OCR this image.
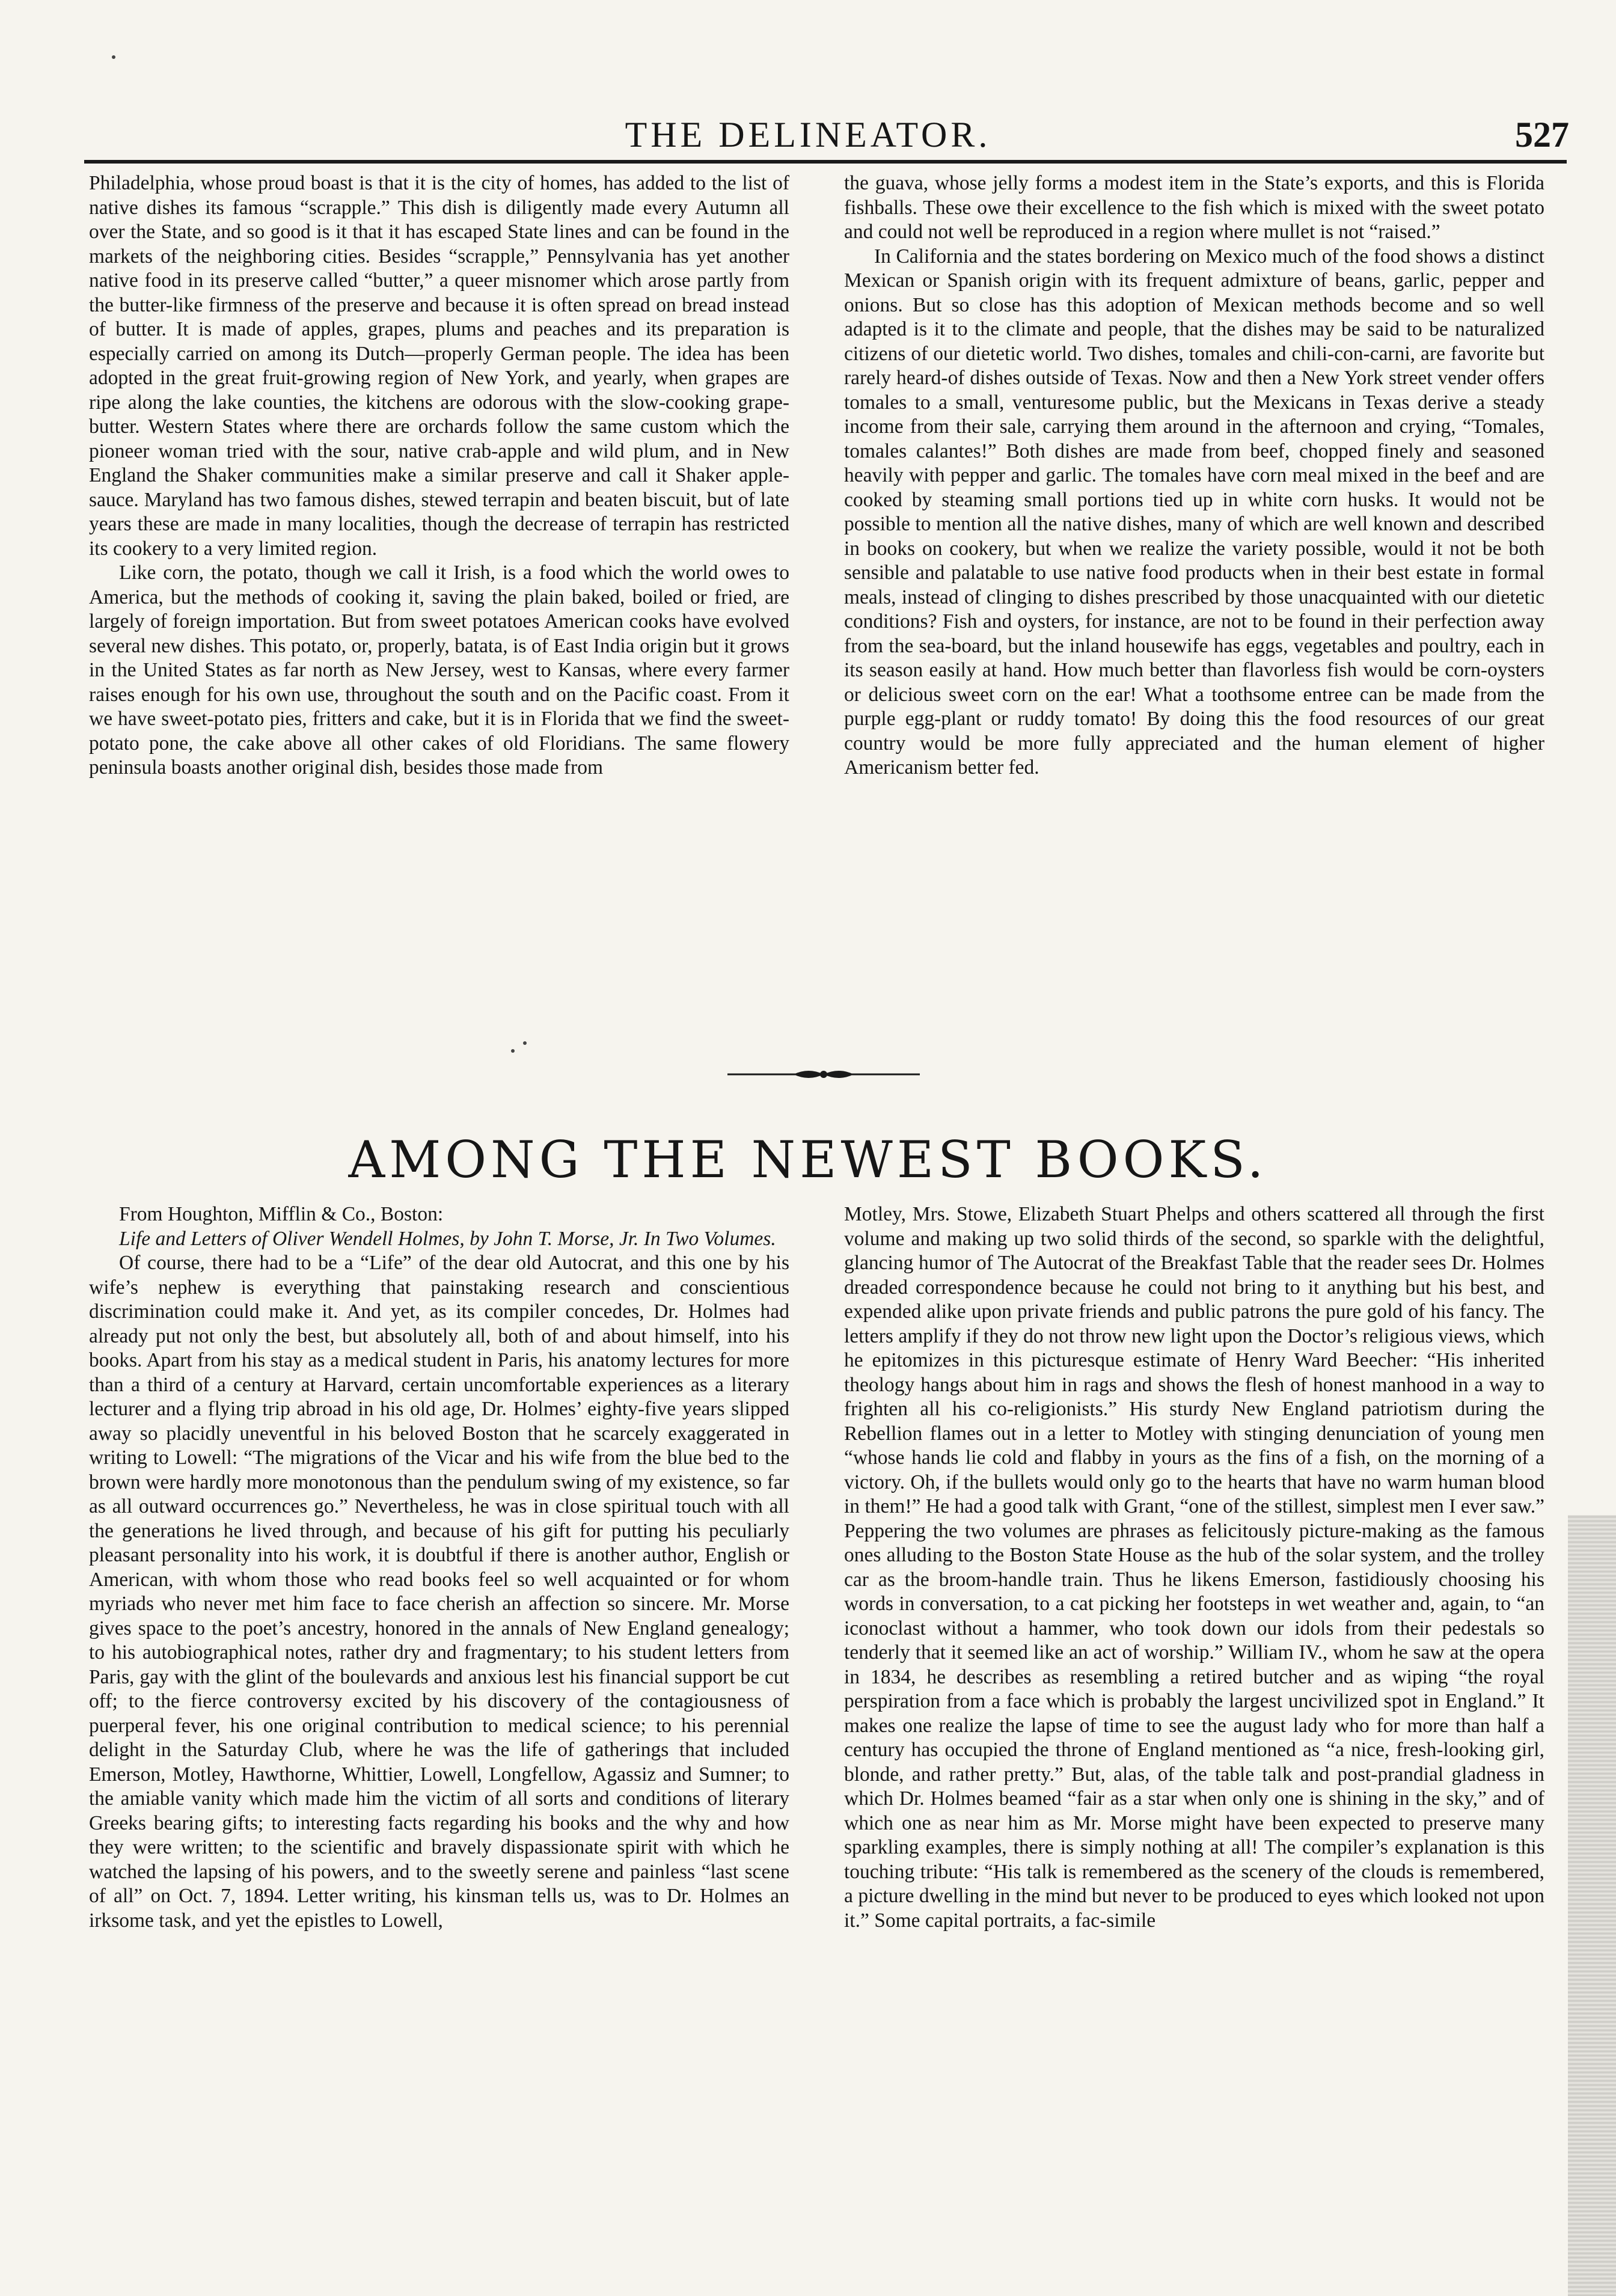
THE DELINEATOR.	527

Philadelphia, whose proud boast is that it is the city of homes, has added to the list of native dishes its famous “scrapple.” This dish is diligently made every Autumn all over the State, and so good is it that it has escaped State lines and can be found in the markets of the neighboring cities. Besides “scrapple,” Pennsylvania has yet another native food in its preserve called “butter,” a queer misnomer which arose partly from the butter-like firmness of the preserve and because it is often spread on bread instead of butter. It is made of apples, grapes, plums and peaches and its preparation is especially carried on among its Dutch—properly German people. The idea has been adopted in the great fruit-growing region of New York, and yearly, when grapes are ripe along the lake counties, the kitchens are odorous with the slow-cooking grape-butter. Western States where there are orchards follow the same custom which the pioneer woman tried with the sour, native crab-apple and wild plum, and in New England the Shaker communities make a similar preserve and call it Shaker apple-sauce. Maryland has two famous dishes, stewed terrapin and beaten biscuit, but of late years these are made in many localities, though the decrease of terrapin has restricted its cookery to a very limited region.

Like corn, the potato, though we call it Irish, is a food which the world owes to America, but the methods of cooking it, saving the plain baked, boiled or fried, are largely of foreign importation. But from sweet potatoes American cooks have evolved several new dishes. This potato, or, properly, batata, is of East India origin but it grows in the United States as far north as New Jersey, west to Kansas, where every farmer raises enough for his own use, throughout the south and on the Pacific coast. From it we have sweet-potato pies, fritters and cake, but it is in Florida that we find the sweet-potato pone, the cake above all other cakes of old Floridians. The same flowery peninsula boasts another original dish, besides those made from

the guava, whose jelly forms a modest item in the State’s exports, and this is Florida fishballs. These owe their excellence to the fish which is mixed with the sweet potato and could not well be reproduced in a region where mullet is not “raised.”

In California and the states bordering on Mexico much of the food shows a distinct Mexican or Spanish origin with its frequent admixture of beans, garlic, pepper and onions. But so close has this adoption of Mexican methods become and so well adapted is it to the climate and people, that the dishes may be said to be naturalized citizens of our dietetic world. Two dishes, tomales and chili-con-carni, are favorite but rarely heard-of dishes outside of Texas. Now and then a New York street vender offers tomales to a small, venturesome public, but the Mexicans in Texas derive a steady income from their sale, carrying them around in the afternoon and crying, “Tomales, tomales calantes!” Both dishes are made from beef, chopped finely and seasoned heavily with pepper and garlic. The tomales have corn meal mixed in the beef and are cooked by steaming small portions tied up in white corn husks. It would not be possible to mention all the native dishes, many of which are well known and described in books on cookery, but when we realize the variety possible, would it not be both sensible and palatable to use native food products when in their best estate in formal meals, instead of clinging to dishes prescribed by those unacquainted with our dietetic conditions? Fish and oysters, for instance, are not to be found in their perfection away from the sea-board, but the inland housewife has eggs, vegetables and poultry, each in its season easily at hand. How much better than flavorless fish would be corn-oysters or delicious sweet corn on the ear! What a toothsome entree can be made from the purple egg-plant or ruddy tomato! By doing this the food resources of our great country would be more fully appreciated and the human element of higher Americanism better fed.

AMONG THE NEWEST BOOKS.

From Houghton, Mifflin & Co., Boston:

Life and Letters of Oliver Wendell Holmes, by John T. Morse, Jr. In Two Volumes.

Of course, there had to be a “Life” of the dear old Autocrat, and this one by his wife’s nephew is everything that painstaking research and conscientious discrimination could make it. And yet, as its compiler concedes, Dr. Holmes had already put not only the best, but absolutely all, both of and about himself, into his books. Apart from his stay as a medical student in Paris, his anatomy lectures for more than a third of a century at Harvard, certain uncomfortable experiences as a literary lecturer and a flying trip abroad in his old age, Dr. Holmes’ eighty-five years slipped away so placidly uneventful in his beloved Boston that he scarcely exaggerated in writing to Lowell: “The migrations of the Vicar and his wife from the blue bed to the brown were hardly more monotonous than the pendulum swing of my existence, so far as all outward occurrences go.” Nevertheless, he was in close spiritual touch with all the generations he lived through, and because of his gift for putting his peculiarly pleasant personality into his work, it is doubtful if there is another author, English or American, with whom those who read books feel so well acquainted or for whom myriads who never met him face to face cherish an affection so sincere. Mr. Morse gives space to the poet’s ancestry, honored in the annals of New England genealogy; to his autobiographical notes, rather dry and fragmentary; to his student letters from Paris, gay with the glint of the boulevards and anxious lest his financial support be cut off; to the fierce controversy excited by his discovery of the contagiousness of puerperal fever, his one original contribution to medical science; to his perennial delight in the Saturday Club, where he was the life of gatherings that included Emerson, Motley, Hawthorne, Whittier, Lowell, Longfellow, Agassiz and Sumner; to the amiable vanity which made him the victim of all sorts and conditions of literary Greeks bearing gifts; to interesting facts regarding his books and the why and how they were written; to the scientific and bravely dispassionate spirit with which he watched the lapsing of his powers, and to the sweetly serene and painless “last scene of all” on Oct. 7, 1894. Letter writing, his kinsman tells us, was to Dr. Holmes an irksome task, and yet the epistles to Lowell,

Motley, Mrs. Stowe, Elizabeth Stuart Phelps and others scattered all through the first volume and making up two solid thirds of the second, so sparkle with the delightful, glancing humor of The Autocrat of the Breakfast Table that the reader sees Dr. Holmes dreaded correspondence because he could not bring to it anything but his best, and expended alike upon private friends and public patrons the pure gold of his fancy. The letters amplify if they do not throw new light upon the Doctor’s religious views, which he epitomizes in this picturesque estimate of Henry Ward Beecher: “His inherited theology hangs about him in rags and shows the flesh of honest manhood in a way to frighten all his co-religionists.” His sturdy New England patriotism during the Rebellion flames out in a letter to Motley with stinging denunciation of young men “whose hands lie cold and flabby in yours as the fins of a fish, on the morning of a victory. Oh, if the bullets would only go to the hearts that have no warm human blood in them!” He had a good talk with Grant, “one of the stillest, simplest men I ever saw.” Peppering the two volumes are phrases as felicitously picture-making as the famous ones alluding to the Boston State House as the hub of the solar system, and the trolley car as the broom-handle train. Thus he likens Emerson, fastidiously choosing his words in conversation, to a cat picking her footsteps in wet weather and, again, to “an iconoclast without a hammer, who took down our idols from their pedestals so tenderly that it seemed like an act of worship.” William IV., whom he saw at the opera in 1834, he describes as resembling a retired butcher and as wiping “the royal perspiration from a face which is probably the largest uncivilized spot in England.” It makes one realize the lapse of time to see the august lady who for more than half a century has occupied the throne of England mentioned as “a nice, fresh-looking girl, blonde, and rather pretty.” But, alas, of the table talk and post-prandial gladness in which Dr. Holmes beamed “fair as a star when only one is shining in the sky,” and of which one as near him as Mr. Morse might have been expected to preserve many sparkling examples, there is simply nothing at all! The compiler’s explanation is this touching tribute: “His talk is remembered as the scenery of the clouds is remembered, a picture dwelling in the mind but never to be produced to eyes which looked not upon it.” Some capital portraits, a fac-simile
